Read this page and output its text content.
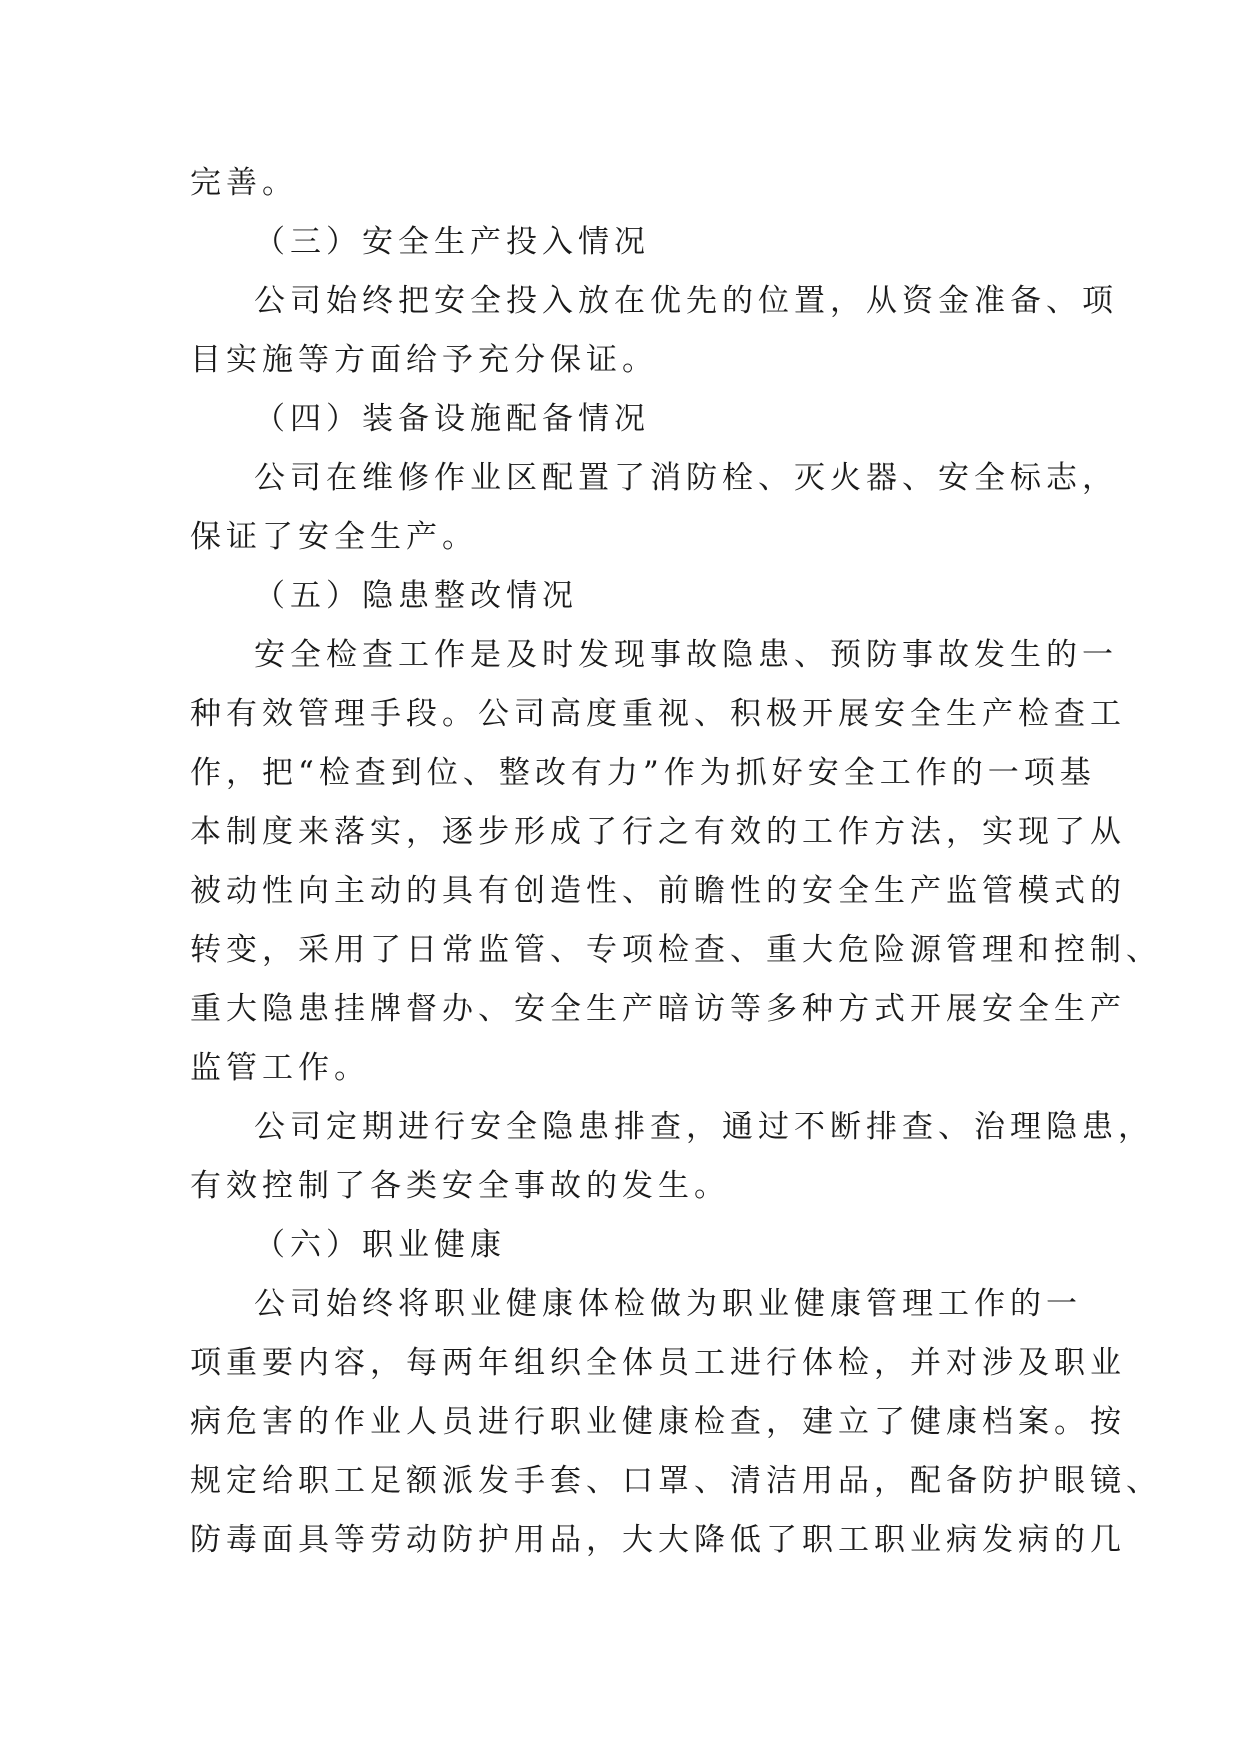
完善。

（三）安全生产投入情况

公司始终把安全投入放在优先的位置，从资金准备、项

目实施等方面给予充分保证。

（四）装备设施配备情况

公司在维修作业区配置了消防栓、灭火器、安全标志，

保证了安全生产。

（五）隐患整改情况

安全检查工作是及时发现事故隐患、预防事故发生的一

种有效管理手段。公司高度重视、积极开展安全生产检查工

作，把“检查到位、整改有力”作为抓好安全工作的一项基

本制度来落实，逐步形成了行之有效的工作方法，实现了从

被动性向主动的具有创造性、前瞻性的安全生产监管模式的

转变，采用了日常监管、专项检查、重大危险源管理和控制、

重大隐患挂牌督办、安全生产暗访等多种方式开展安全生产

监管工作。

公司定期进行安全隐患排查，通过不断排查、治理隐患，

有效控制了各类安全事故的发生。

（六）职业健康

公司始终将职业健康体检做为职业健康管理工作的一

项重要内容，每两年组织全体员工进行体检，并对涉及职业

病危害的作业人员进行职业健康检查，建立了健康档案。按

规定给职工足额派发手套、口罩、清洁用品，配备防护眼镜、

防毒面具等劳动防护用品，大大降低了职工职业病发病的几
